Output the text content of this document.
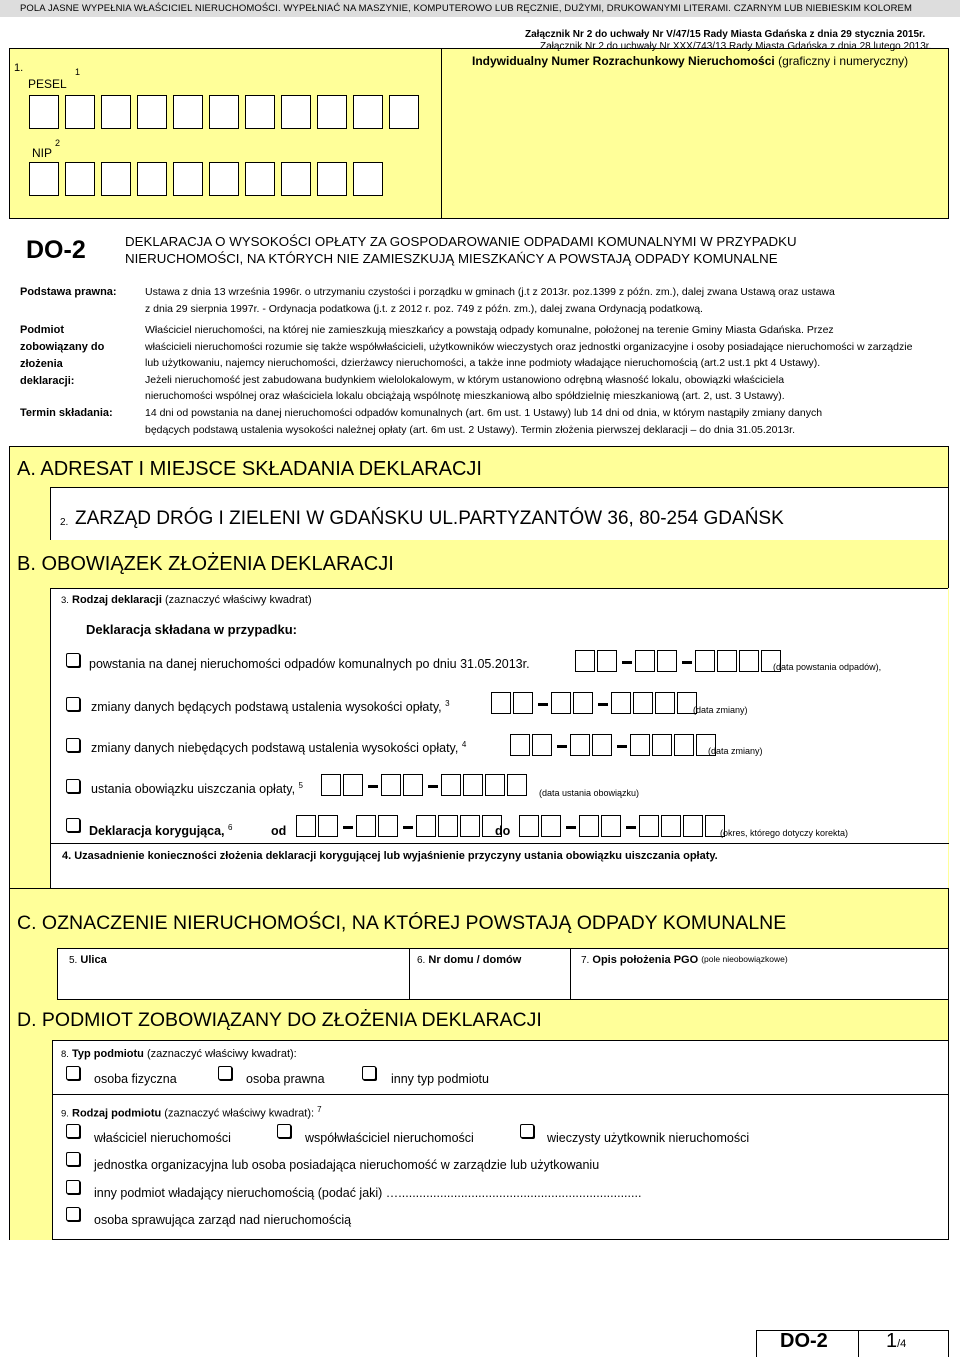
POLA JASNE WYPEŁNIA WŁAŚCICIEL NIERUCHOMOŚCI. WYPEŁNIAĆ NA MASZYNIE, KOMPUTEROWO LUB RĘCZNIE, DUŻYMI, DRUKOWANYMI LITERAMI. CZARNYM LUB NIEBIESKIM KOLOREM
Załącznik Nr 2 do uchwały Nr V/47/15 Rady Miasta Gdańska z dnia 29 stycznia 2015r.
Załącznik Nr 2 do uchwały Nr XXX/743/13 Rady Miasta Gdańska z dnia 28 lutego 2013r.
1.
PESEL
1
NIP
2
Indywidualny Numer Rozrachunkowy Nieruchomości (graficzny i numeryczny)
DO-2	DEKLARACJA O WYSOKOŚCI OPŁATY ZA GOSPODAROWANIE ODPADAMI KOMUNALNYMI W PRZYPADKU
NIERUCHOMOŚCI, NA KTÓRYCH NIE ZAMIESZKUJĄ MIESZKAŃCY A POWSTAJĄ ODPADY KOMUNALNE
Podstawa prawna:	Ustawa z dnia 13 września 1996r. o utrzymaniu czystości i porządku w gminach (j.t z 2013r. poz.1399 z późn. zm.), dalej zwana Ustawą oraz ustawa
z dnia 29 sierpnia 1997r. - Ordynacja podatkowa (j.t. z 2012 r. poz. 749 z późn. zm.), dalej zwana Ordynacją podatkową.
Podmiot
zobowiązany do
złożenia
deklaracji:
Właściciel nieruchomości, na której nie zamieszkują mieszkańcy a powstają odpady komunalne, położonej na terenie Gminy Miasta Gdańska. Przez
właścicieli nieruchomości rozumie się także współwłaścicieli, użytkowników wieczystych oraz jednostki organizacyjne i osoby posiadające nieruchomości w zarządzie
lub użytkowaniu, najemcy nieruchomości, dzierżawcy nieruchomości, a także inne podmioty władające nieruchomością (art.2 ust.1 pkt 4 Ustawy).
Jeżeli nieruchomość jest zabudowana budynkiem wielolokalowym, w którym ustanowiono odrębną własność lokalu, obowiązki właściciela
nieruchomości wspólnej oraz właściciela lokalu obciążają wspólnotę mieszkaniową albo spółdzielnię mieszkaniową (art. 2, ust. 3 Ustawy).
Termin składania:	14 dni od powstania na danej nieruchomości odpadów komunalnych (art. 6m ust. 1 Ustawy) lub 14 dni od dnia, w którym nastąpiły zmiany danych
będących podstawą ustalenia wysokości należnej opłaty (art. 6m ust. 2 Ustawy). Termin złożenia pierwszej deklaracji – do dnia 31.05.2013r.
A. ADRESAT I MIEJSCE SKŁADANIA DEKLARACJI
2. ZARZĄD DRÓG I ZIELENI W GDAŃSKU UL.PARTYZANTÓW 36, 80-254 GDAŃSK
B. OBOWIĄZEK ZŁOŻENIA DEKLARACJI
3. Rodzaj deklaracji (zaznaczyć właściwy kwadrat)
Deklaracja składana w przypadku:
powstania na danej nieruchomości odpadów komunalnych po dniu 31.05.2013r.	(data powstania odpadów),
zmiany danych będących podstawą ustalenia wysokości opłaty, $^3$
(data zmiany)
zmiany danych niebędących podstawą ustalenia wysokości opłaty, $^4$
(data zmiany)
ustania obowiązku uiszczania opłaty, $^5$
(data ustania obowiązku)
Deklaracja korygująca, $^6$	od	do	(okres, którego dotyczy korekta)
4. Uzasadnienie konieczności złożenia deklaracji korygującej lub wyjaśnienie przyczyny ustania obowiązku uiszczania opłaty.
C. OZNACZENIE NIERUCHOMOŚCI, NA KTÓREJ POWSTAJĄ ODPADY KOMUNALNE
5. Ulica	6. Nr domu / domów	7. Opis położenia PGO $^{(pole nieobowiązkowe)}$
D. PODMIOT ZOBOWIĄZANY DO ZŁOŻENIA DEKLARACJI
8. Typ podmiotu (zaznaczyć właściwy kwadrat):
osoba fizyczna	osoba prawna	inny typ podmiotu
9. Rodzaj podmiotu (zaznaczyć właściwy kwadrat): $^7$
właściciel nieruchomości	współwłaściciel nieruchomości	wieczysty użytkownik nieruchomości
jednostka organizacyjna lub osoba posiadająca nieruchomość w zarządzie lub użytkowaniu
inny podmiot władający nieruchomością (podać jaki) …......................................................................
osoba sprawująca zarząd nad nieruchomością
DO-2	1/4
